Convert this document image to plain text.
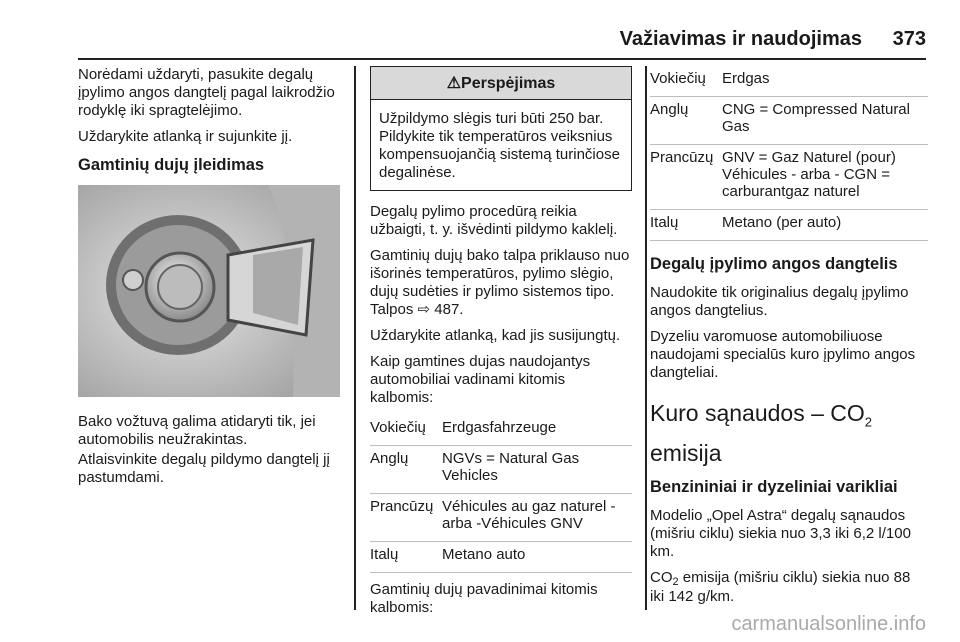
Važiavimas ir naudojimas 373

Norėdami uždaryti, pasukite degalų įpylimo angos dangtelį pagal laikrodžio rodyklę iki spragtelėjimo.

Uždarykite atlanką ir sujunkite jį.

Gamtinių dujų įleidimas

Bako vožtuvą galima atidaryti tik, jei automobilis neužrakintas.

Atlaisvinkite degalų pildymo dangtelį jį pastumdami.

⚠Perspėjimas
Užpildymo slėgis turi būti 250 bar. Pildykite tik temperatūros veiksnius kompensuojančią sistemą turinčiose degalinėse.

Degalų pylimo procedūrą reikia užbaigti, t. y. išvėdinti pildymo kaklelį.

Gamtinių dujų bako talpa priklauso nuo išorinės temperatūros, pylimo slėgio, dujų sudėties ir pylimo sistemos tipo. Talpos ⇨ 487.

Uždarykite atlanką, kad jis susijungtų.

Kaip gamtines dujas naudojantys automobiliai vadinami kitomis kalbomis:

Vokiečių	Erdgasfahrzeuge
Anglų	NGVs = Natural Gas Vehicles
Prancūzų	Véhicules au gaz naturel - arba -Véhicules GNV
Italų	Metano auto

Gamtinių dujų pavadinimai kitomis kalbomis:

Vokiečių	Erdgas
Anglų	CNG = Compressed Natural Gas
Prancūzų	GNV = Gaz Naturel (pour) Véhicules - arba - CGN = carburantgaz naturel
Italų	Metano (per auto)
Degalų įpylimo angos dangtelis

Naudokite tik originalius degalų įpylimo angos dangtelius.

Dyzeliu varomuose automobiliuose naudojami specialūs kuro įpylimo angos dangteliai.

Kuro sąnaudos – $CO_2$
emisija
Benzininiai ir dyzeliniai varikliai

Modelio „Opel Astra“ degalų sąnaudos (mišriu ciklu) siekia nuo 3,3 iki 6,2 l/100 km.

$CO_2$ emisija (mišriu ciklu) siekia nuo 88 iki 142 g/km.

carmanualsonline.info
